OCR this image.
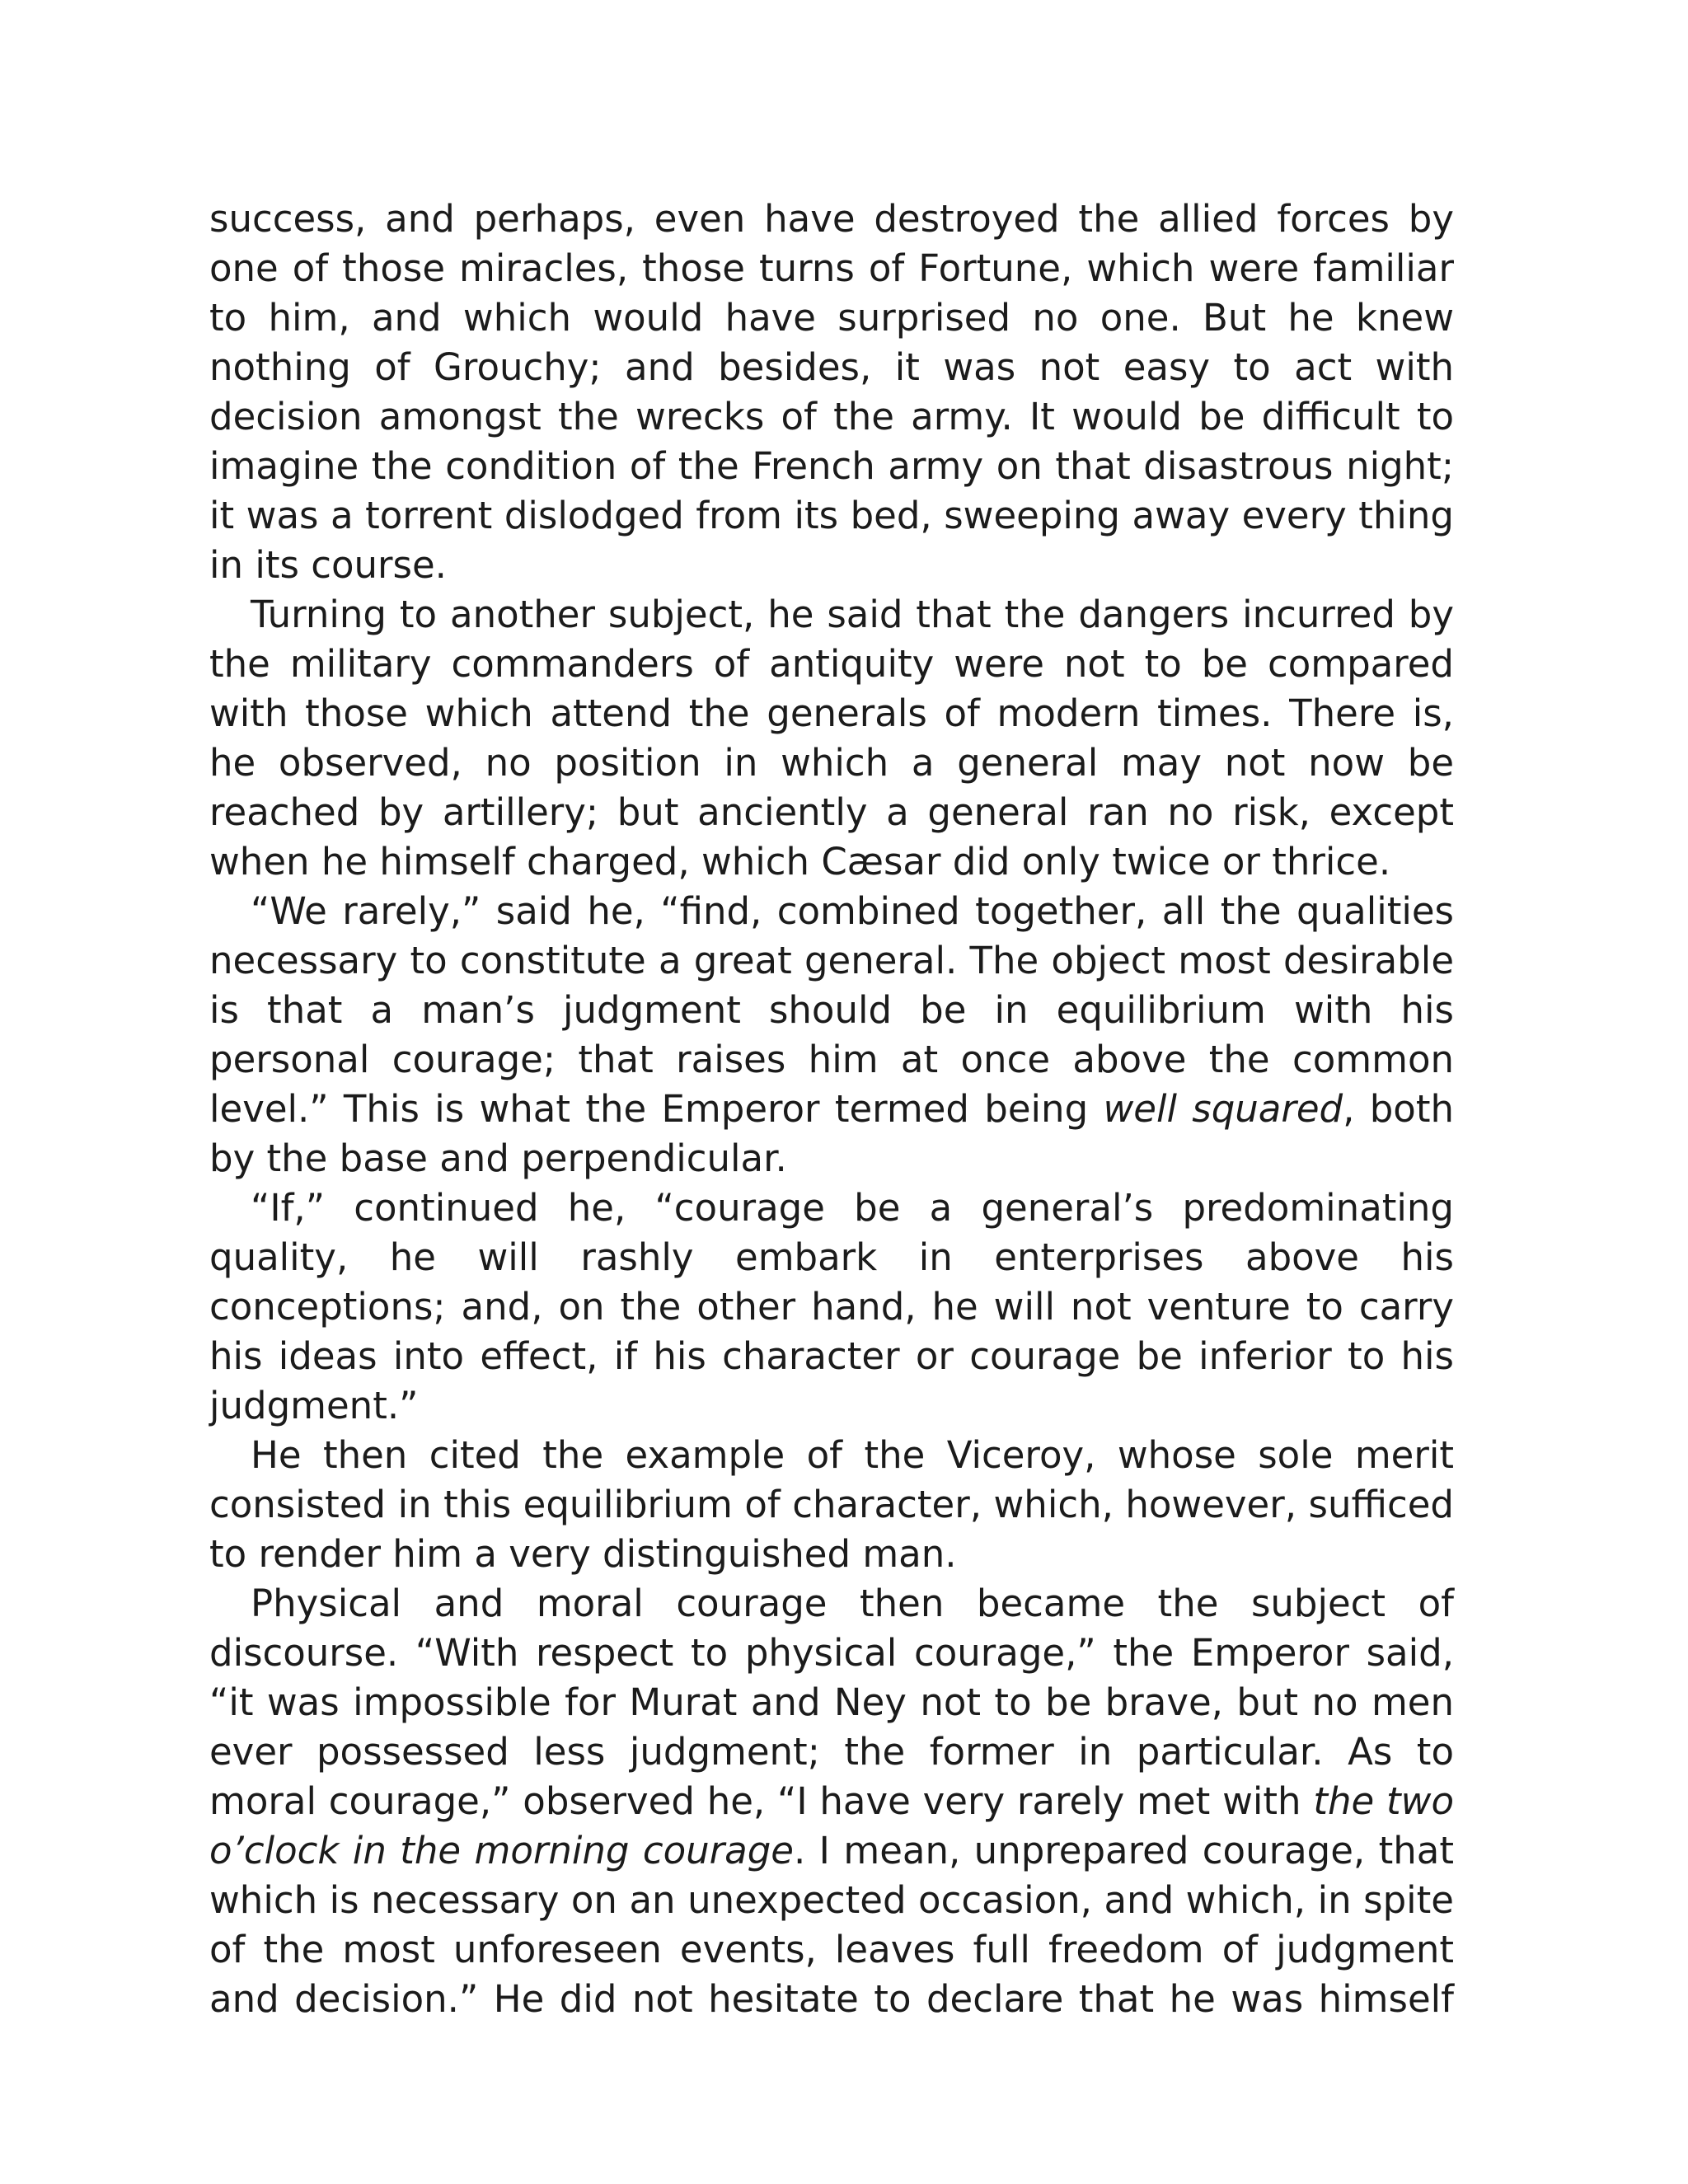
success, and perhaps, even have destroyed the allied forces by one of those miracles, those turns of Fortune, which were familiar to him, and which would have surprised no one. But he knew nothing of Grouchy; and besides, it was not easy to act with decision amongst the wrecks of the army. It would be difficult to imagine the condition of the French army on that disastrous night; it was a torrent dislodged from its bed, sweeping away every thing in its course.

Turning to another subject, he said that the dangers incurred by the military commanders of antiquity were not to be compared with those which attend the generals of modern times. There is, he observed, no position in which a general may not now be reached by artillery; but anciently a general ran no risk, except when he himself charged, which Cæsar did only twice or thrice.

“We rarely,” said he, “find, combined together, all the qualities necessary to constitute a great general. The object most desirable is that a man’s judgment should be in equilibrium with his personal courage; that raises him at once above the common level.” This is what the Emperor termed being well squared, both by the base and perpendicular.

“If,” continued he, “courage be a general’s predominating quality, he will rashly embark in enterprises above his conceptions; and, on the other hand, he will not venture to carry his ideas into effect, if his character or courage be inferior to his judgment.”

He then cited the example of the Viceroy, whose sole merit consisted in this equilibrium of character, which, however, sufficed to render him a very distinguished man.

Physical and moral courage then became the subject of discourse. “With respect to physical courage,” the Emperor said, “it was impossible for Murat and Ney not to be brave, but no men ever possessed less judgment; the former in particular. As to moral courage,” observed he, “I have very rarely met with the two o’clock in the morning courage. I mean, unprepared courage, that which is necessary on an unexpected occasion, and which, in spite of the most unforeseen events, leaves full freedom of judgment and decision.” He did not hesitate to declare that he was himself
